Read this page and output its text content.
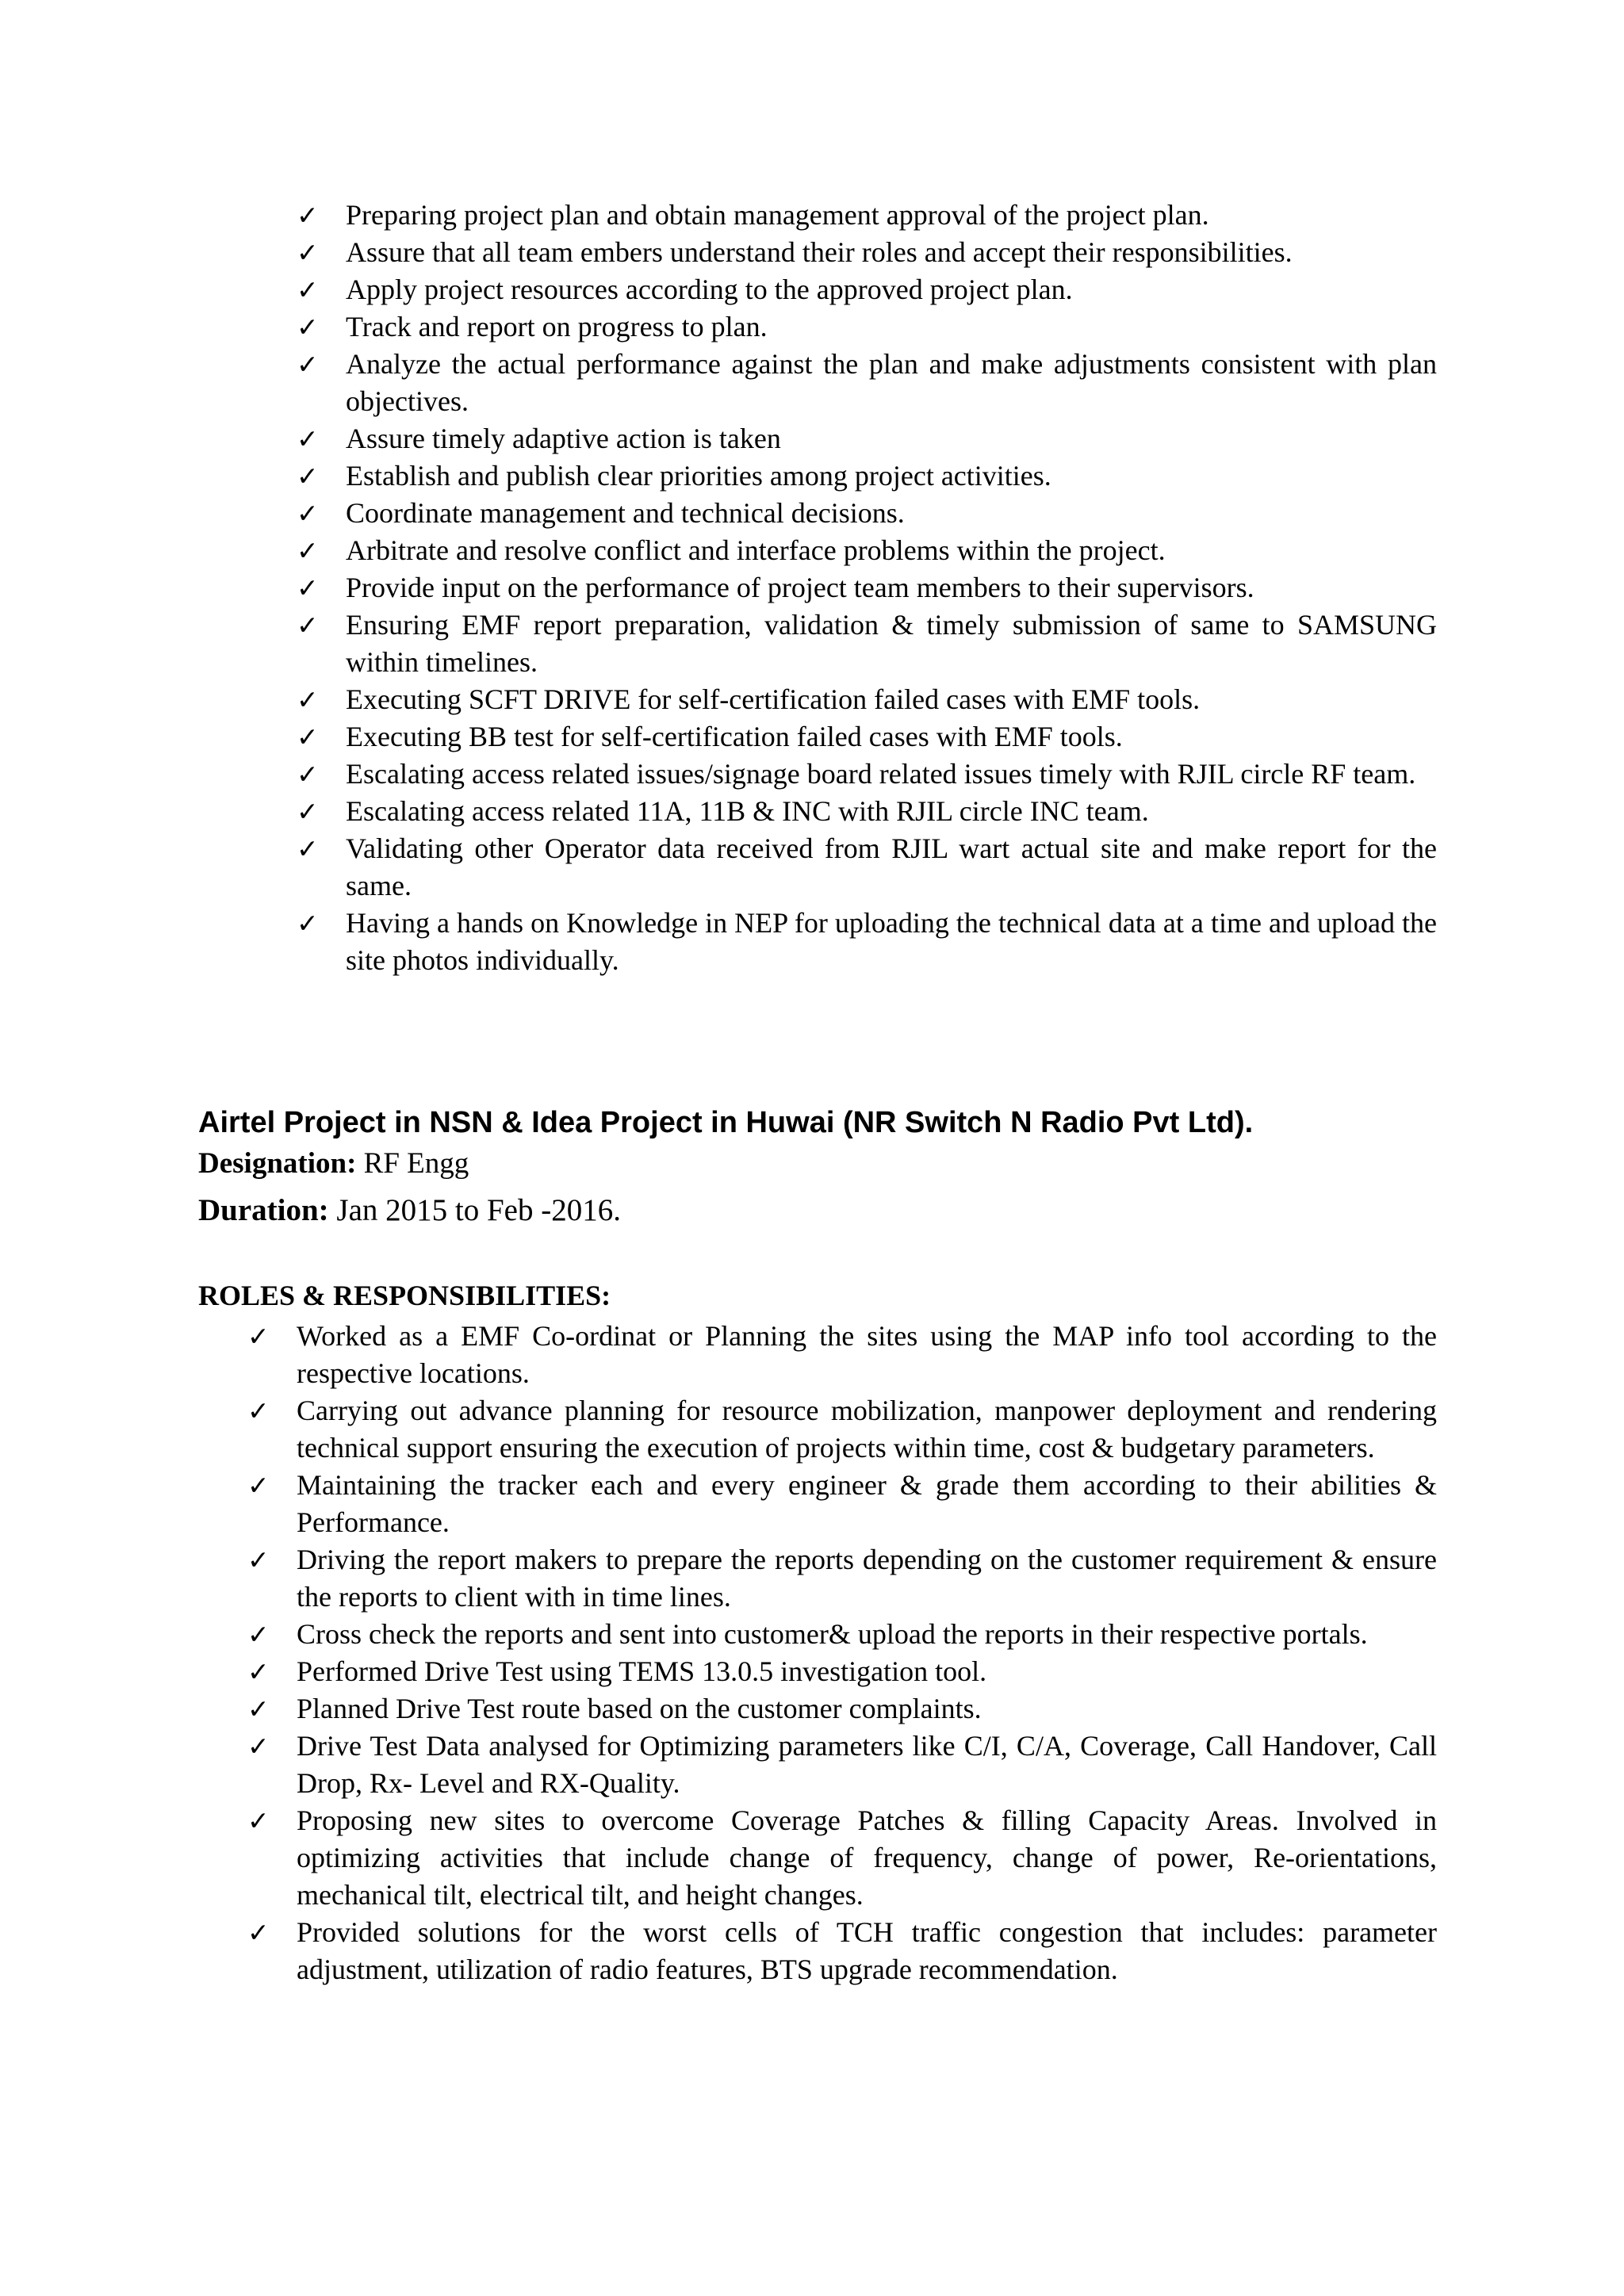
✓ Preparing project plan and obtain management approval of the project plan.
✓ Assure that all team embers understand their roles and accept their responsibilities.
✓ Apply project resources according to the approved project plan.
✓ Track and report on progress to plan.
✓ Analyze the actual performance against the plan and make adjustments consistent with plan objectives.
✓ Assure timely adaptive action is taken
✓ Establish and publish clear priorities among project activities.
✓ Coordinate management and technical decisions.
✓ Arbitrate and resolve conflict and interface problems within the project.
✓ Provide input on the performance of project team members to their supervisors.
✓ Ensuring EMF report preparation, validation & timely submission of same to SAMSUNG within timelines.
✓ Executing SCFT DRIVE for self-certification failed cases with EMF tools.
✓ Executing BB test for self-certification failed cases with EMF tools.
✓ Escalating access related issues/signage board related issues timely with RJIL circle RF team.
✓ Escalating access related 11A, 11B & INC with RJIL circle INC team.
✓ Validating other Operator data received from RJIL wart actual site and make report for the same.
✓ Having a hands on Knowledge in NEP for uploading the technical data at a time and upload the site photos individually.
Airtel Project in NSN & Idea Project in Huwai (NR Switch N Radio Pvt Ltd).
Designation: RF Engg
Duration: Jan 2015 to Feb -2016.
ROLES & RESPONSIBILITIES:
✓ Worked as a EMF Co-ordinat or Planning the sites using the MAP info tool according to the respective locations.
✓ Carrying out advance planning for resource mobilization, manpower deployment and rendering technical support ensuring the execution of projects within time, cost & budgetary parameters.
✓ Maintaining the tracker each and every engineer & grade them according to their abilities & Performance.
✓ Driving the report makers to prepare the reports depending on the customer requirement & ensure the reports to client with in time lines.
✓ Cross check the reports and sent into customer& upload the reports in their respective portals.
✓ Performed Drive Test using TEMS 13.0.5 investigation tool.
✓ Planned Drive Test route based on the customer complaints.
✓ Drive Test Data analysed for Optimizing parameters like C/I, C/A, Coverage, Call Handover, Call Drop, Rx- Level and RX-Quality.
✓ Proposing new sites to overcome Coverage Patches & filling Capacity Areas. Involved in optimizing activities that include change of frequency, change of power, Re-orientations, mechanical tilt, electrical tilt, and height changes.
✓ Provided solutions for the worst cells of TCH traffic congestion that includes: parameter adjustment, utilization of radio features, BTS upgrade recommendation.
